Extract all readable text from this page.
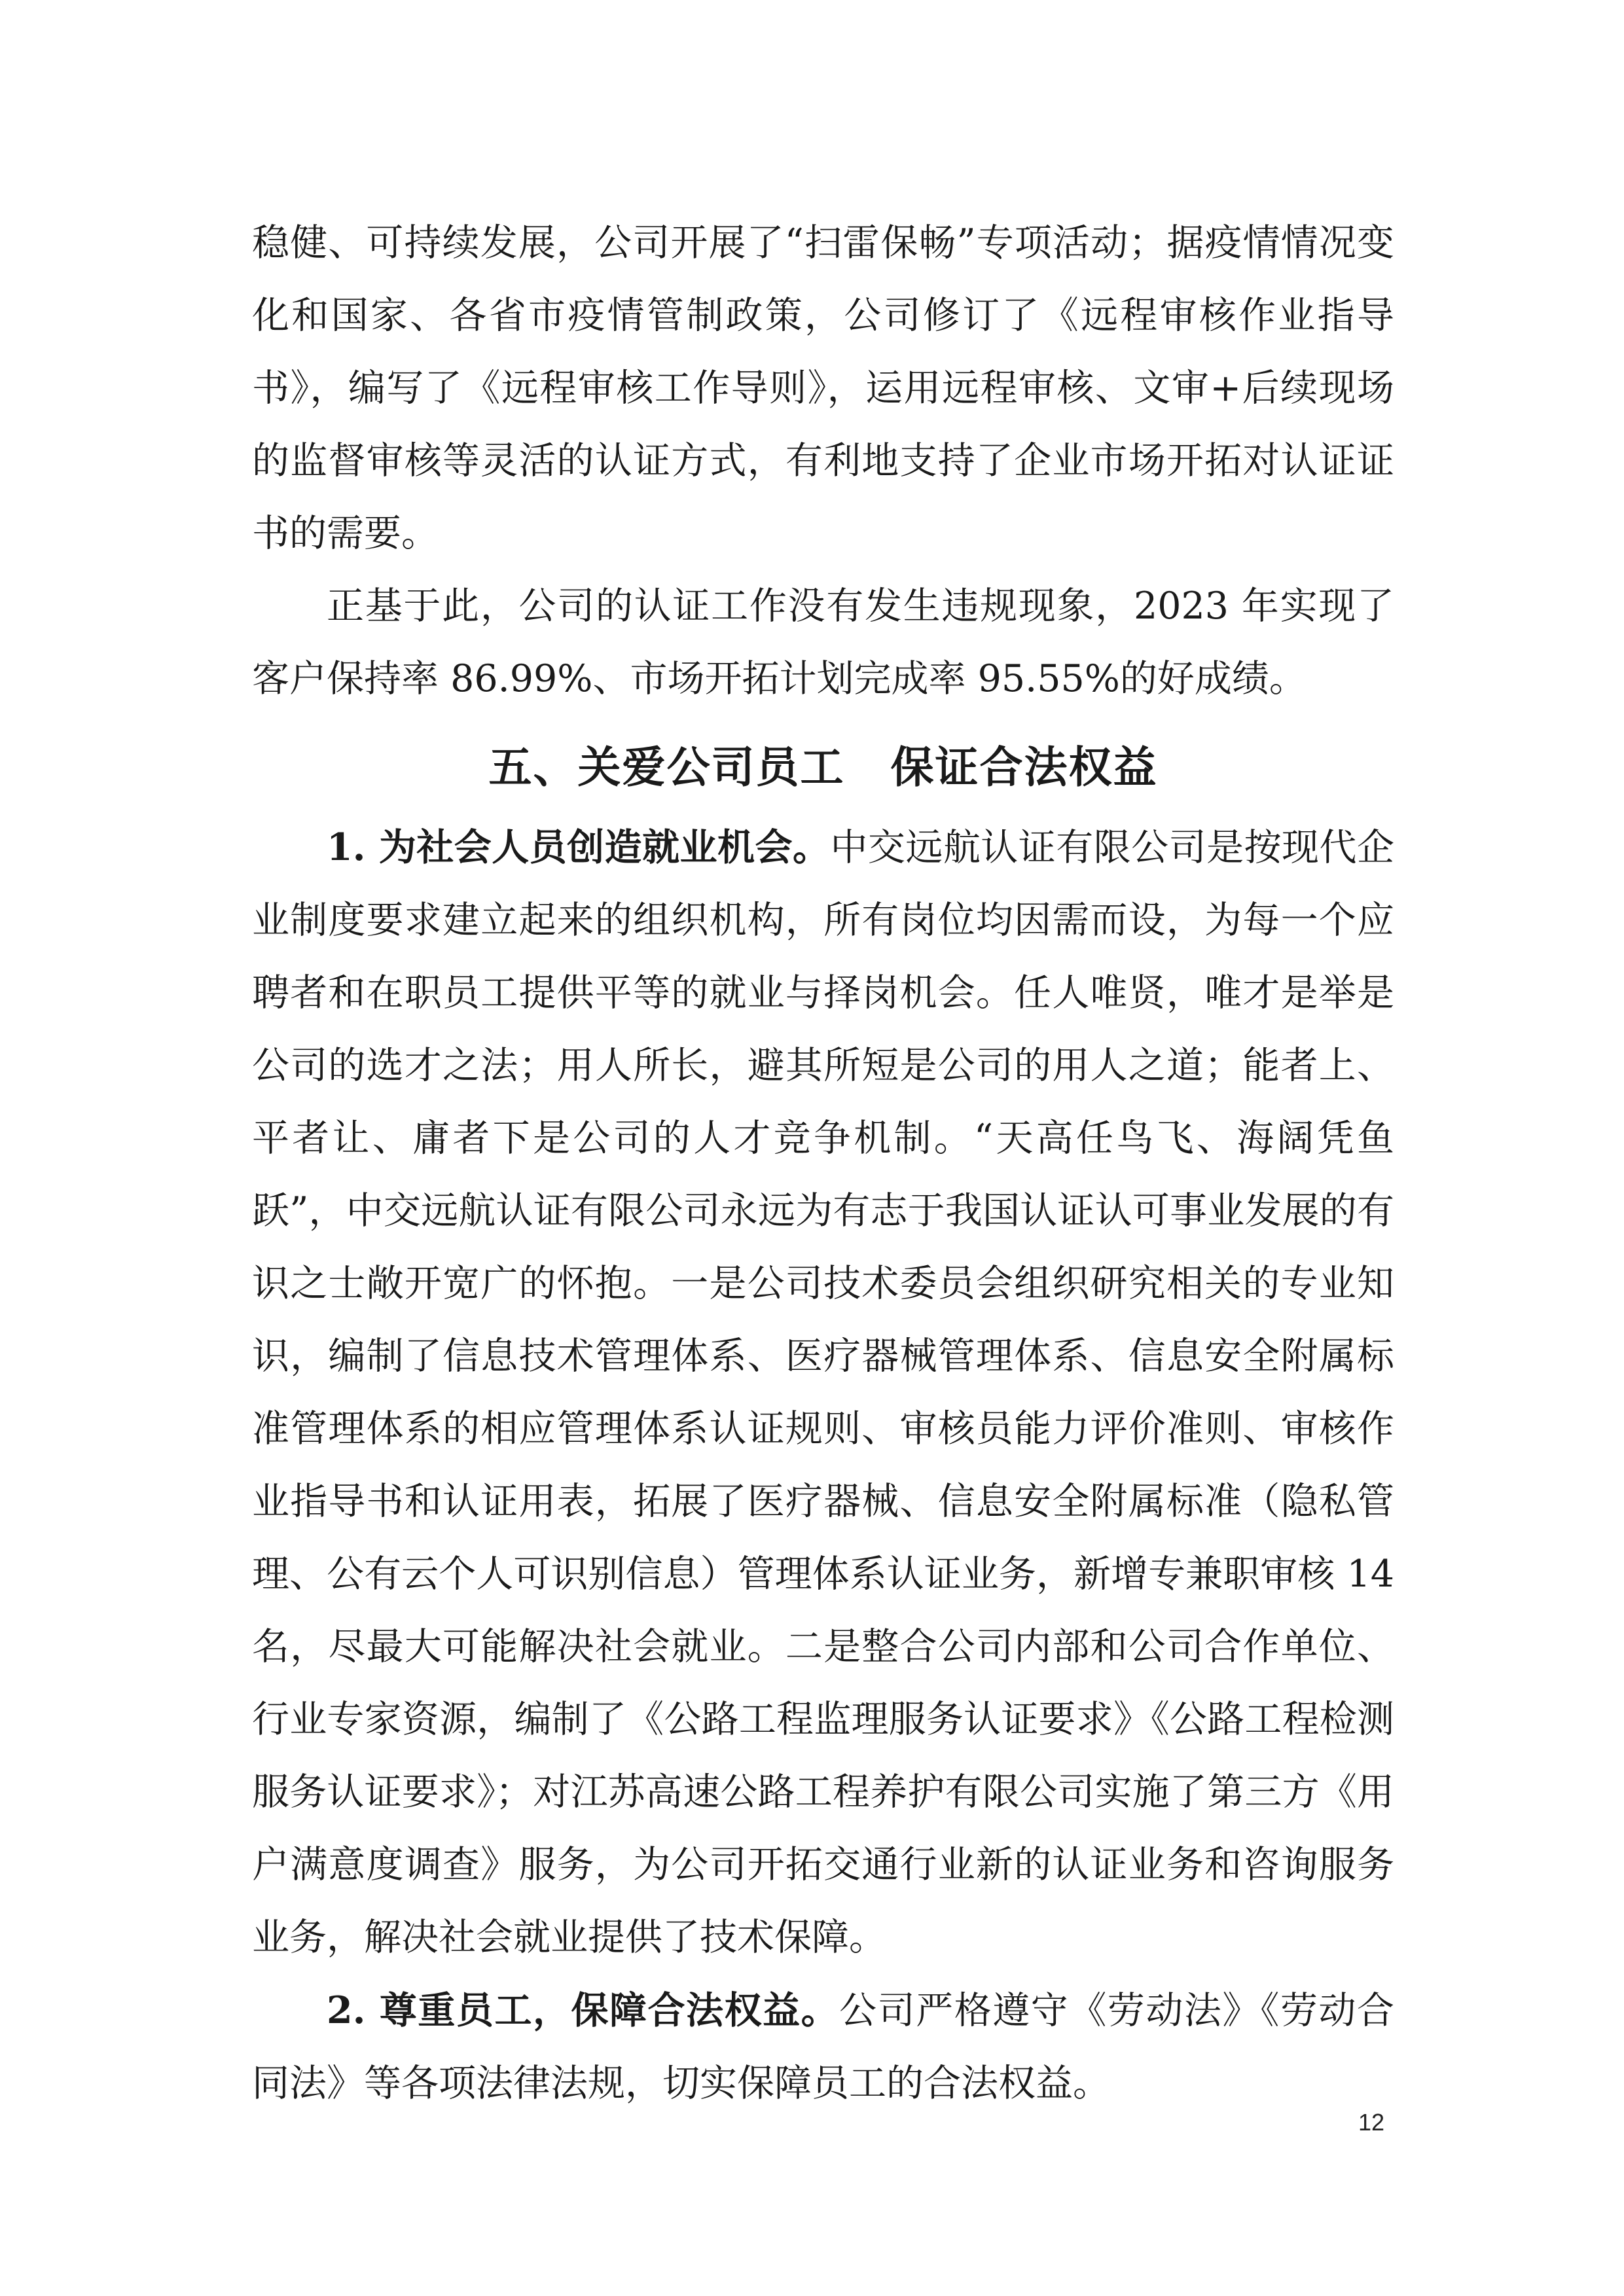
稳健、可持续发展，公司开展了“扫雷保畅”专项活动；据疫情情况变化和国家、各省市疫情管制政策，公司修订了《远程审核作业指导书》，编写了《远程审核工作导则》，运用远程审核、文审+后续现场的监督审核等灵活的认证方式，有利地支持了企业市场开拓对认证证书的需要。

正基于此，公司的认证工作没有发生违规现象，2023 年实现了客户保持率 86.99%、市场开拓计划完成率 95.55%的好成绩。

五、关爱公司员工 保证合法权益

1. 为社会人员创造就业机会。中交远航认证有限公司是按现代企业制度要求建立起来的组织机构，所有岗位均因需而设，为每一个应聘者和在职员工提供平等的就业与择岗机会。任人唯贤，唯才是举是公司的选才之法；用人所长，避其所短是公司的用人之道；能者上、平者让、庸者下是公司的人才竞争机制。“天高任鸟飞、海阔凭鱼跃”，中交远航认证有限公司永远为有志于我国认证认可事业发展的有识之士敞开宽广的怀抱。一是公司技术委员会组织研究相关的专业知识，编制了信息技术管理体系、医疗器械管理体系、信息安全附属标准管理体系的相应管理体系认证规则、审核员能力评价准则、审核作业指导书和认证用表，拓展了医疗器械、信息安全附属标准（隐私管理、公有云个人可识别信息）管理体系认证业务，新增专兼职审核 14 名，尽最大可能解决社会就业。二是整合公司内部和公司合作单位、行业专家资源，编制了《公路工程监理服务认证要求》《公路工程检测服务认证要求》；对江苏高速公路工程养护有限公司实施了第三方《用户满意度调查》服务，为公司开拓交通行业新的认证业务和咨询服务业务，解决社会就业提供了技术保障。

2. 尊重员工，保障合法权益。公司严格遵守《劳动法》《劳动合同法》等各项法律法规，切实保障员工的合法权益。

12
